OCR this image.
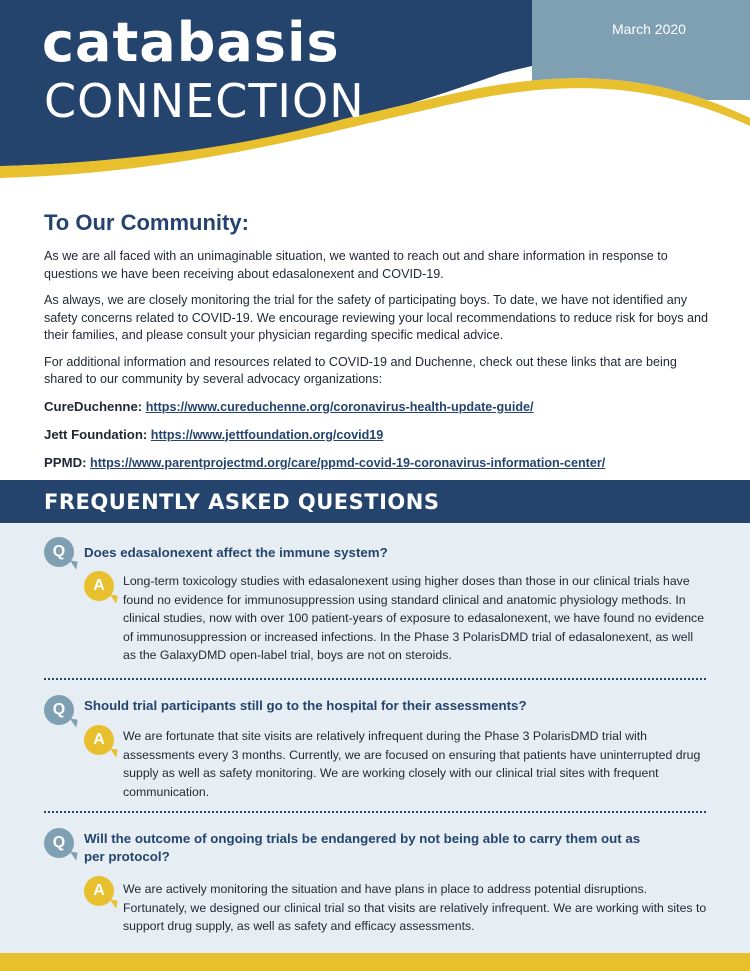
catabasis
CONNECTION
March 2020
To Our Community:

As we are all faced with an unimaginable situation, we wanted to reach out and share information in response to questions we have been receiving about edasalonexent and COVID-19.

As always, we are closely monitoring the trial for the safety of participating boys. To date, we have not identified any safety concerns related to COVID-19. We encourage reviewing your local recommendations to reduce risk for boys and their families, and please consult your physician regarding specific medical advice.

For additional information and resources related to COVID-19 and Duchenne, check out these links that are being shared to our community by several advocacy organizations:

CureDuchenne: https://www.cureduchenne.org/coronavirus-health-update-guide/
Jett Foundation: https://www.jettfoundation.org/covid19
PPMD: https://www.parentprojectmd.org/care/ppmd-covid-19-coronavirus-information-center/
FREQUENTLY ASKED QUESTIONS
Q	Does edasalonexent affect the immune system?
A	Long-term toxicology studies with edasalonexent using higher doses than those in our clinical trials have found no evidence for immunosuppression using standard clinical and anatomic physiology methods. In clinical studies, now with over 100 patient-years of exposure to edasalonexent, we have found no evidence of immunosuppression or increased infections. In the Phase 3 PolarisDMD trial of edasalonexent, as well as the GalaxyDMD open-label trial, boys are not on steroids.
Q	Should trial participants still go to the hospital for their assessments?
A	We are fortunate that site visits are relatively infrequent during the Phase 3 PolarisDMD trial with assessments every 3 months. Currently, we are focused on ensuring that patients have uninterrupted drug supply as well as safety monitoring. We are working closely with our clinical trial sites with frequent communication.
Q	Will the outcome of ongoing trials be endangered by not being able to carry them out as per protocol?
A	We are actively monitoring the situation and have plans in place to address potential disruptions. Fortunately, we designed our clinical trial so that visits are relatively infrequent. We are working with sites to support drug supply, as well as safety and efficacy assessments.
